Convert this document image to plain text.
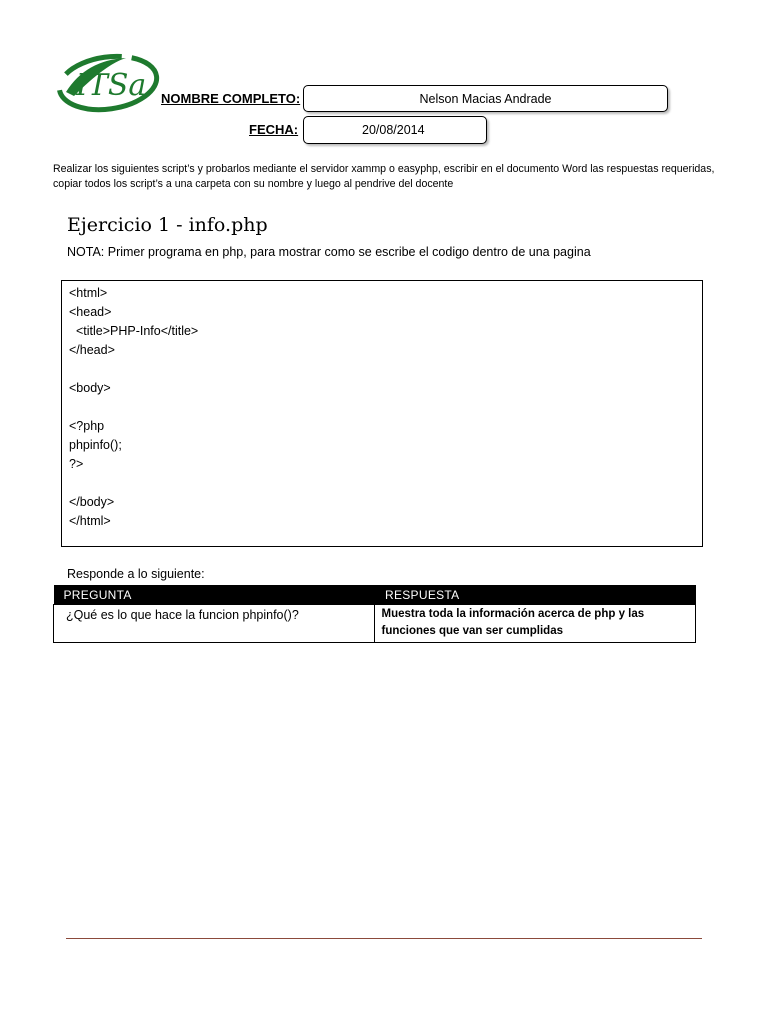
ITSa NOMBRE COMPLETO:	Nelson Macias Andrade
FECHA:	20/08/2014
Realizar los siguientes script’s y probarlos mediante el servidor xammp o easyphp, escribir en el documento Word las respuestas requeridas, copiar todos los script’s a una carpeta con su nombre y luego al pendrive del docente
Ejercicio 1 - info.php
NOTA: Primer programa en php, para mostrar como se escribe el codigo dentro de una pagina
<html>
<head>
<title>PHP-Info</title>
</head>
<body>
<?php
phpinfo();
?>
</body>
</html>
Responde a lo siguiente:
PREGUNTA	RESPUESTA
¿Qué es lo que hace la funcion phpinfo()?	Muestra toda la información acerca de php y las funciones que van ser cumplidas
